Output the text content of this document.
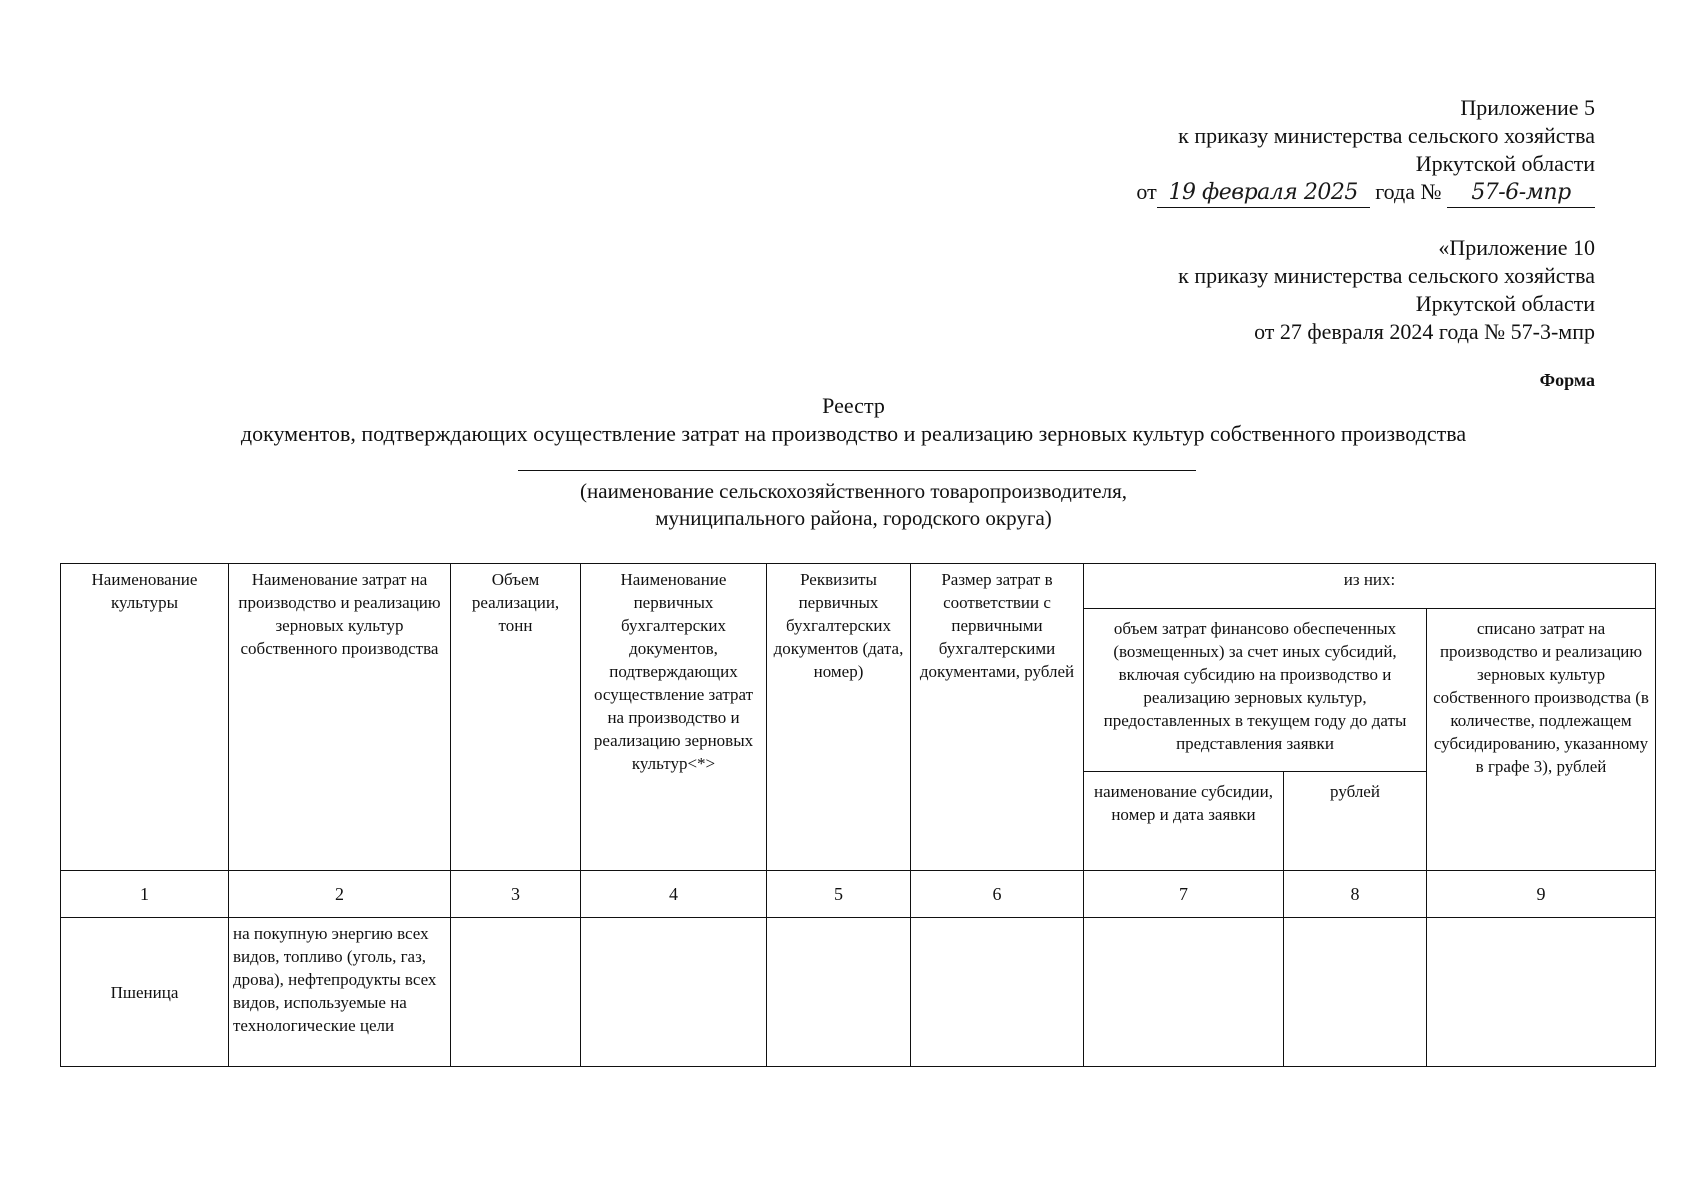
Приложение 5
к приказу министерства сельского хозяйства
Иркутской области
от 19 февраля 2025 года № 57-6-мпр
«Приложение 10
к приказу министерства сельского хозяйства
Иркутской области
от 27 февраля 2024 года № 57-3-мпр
Форма
Реестр
документов, подтверждающих осуществление затрат на производство и реализацию зерновых культур собственного производства
(наименование сельскохозяйственного товаропроизводителя,
муниципального района, городского округа)
Наименование культуры	Наименование затрат на производство и реализацию зерновых культур собственного производства	Объем реализации, тонн	Наименование первичных бухгалтерских документов, подтверждающих осуществление затрат на производство и реализацию зерновых культур<*>	Реквизиты первичных бухгалтерских документов (дата, номер)	Размер затрат в соответствии с первичными бухгалтерскими документами, рублей	из них:		
						объем затрат финансово обеспеченных (возмещенных) за счет иных субсидий, включая субсидию на производство и реализацию зерновых культур, предоставленных в текущем году до даты представления заявки		списано затрат на производство и реализацию зерновых культур собственного производства (в количестве, подлежащем субсидированию, указанному в графе 3), рублей
						наименование субсидии, номер и дата заявки	рублей	
1	2	3	4	5	6	7	8	9
Пшеница	на покупную энергию всех видов, топливо (уголь, газ, дрова), нефтепродукты всех видов, используемые на технологические цели							
